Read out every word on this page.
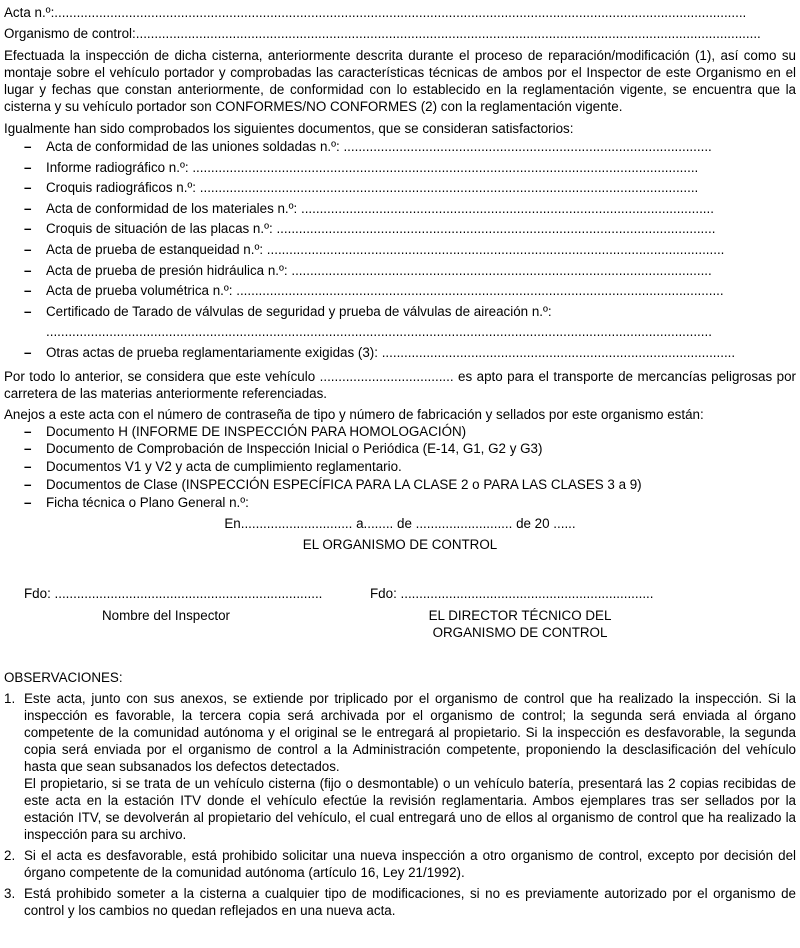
Acta n.º:..........................................................................................................................................................................................
Organismo de control:........................................................................................................................................................................

Efectuada la inspección de dicha cisterna, anteriormente descrita durante el proceso de reparación/modificación (1), así como su montaje sobre el vehículo portador y comprobadas las características técnicas de ambos por el Inspector de este Organismo en el lugar y fechas que constan anteriormente, de conformidad con lo establecido en la reglamentación vigente, se encuentra que la cisterna y su vehículo portador son CONFORMES/NO CONFORMES (2) con la reglamentación vigente.

Igualmente han sido comprobados los siguientes documentos, que se consideran satisfactorios:
– Acta de conformidad de las uniones soldadas n.º: ...................................................................................................
– Informe radiográfico n.º: ........................................................................................................................................
– Croquis radiográficos n.º: ......................................................................................................................................
– Acta de conformidad de los materiales n.º: ...............................................................................................................
– Croquis de situación de las placas n.º: ......................................................................................................................
– Acta de prueba de estanqueidad n.º: ...........................................................................................................................
– Acta de prueba de presión hidráulica n.º: .................................................................................................................
– Acta de prueba volumétrica n.º: ...................................................................................................................................
– Certificado de Tarado de válvulas de seguridad y prueba de válvulas de aireación n.º:
...................................................................................................................................................................................
– Otras actas de prueba reglamentariamente exigidas (3): ...............................................................................................

Por todo lo anterior, se considera que este vehículo .................................... es apto para el transporte de mercancías peligrosas por carretera de las materias anteriormente referenciadas.

Anejos a este acta con el número de contraseña de tipo y número de fabricación y sellados por este organismo están:
– Documento H (INFORME DE INSPECCIÓN PARA HOMOLOGACIÓN)
– Documento de Comprobación de Inspección Inicial o Periódica (E-14, G1, G2 y G3)
– Documentos V1 y V2 y acta de cumplimiento reglamentario.
– Documentos de Clase (INSPECCIÓN ESPECÍFICA PARA LA CLASE 2 o PARA LAS CLASES 3 a 9)
– Ficha técnica o Plano General n.º:
En.............................. a........ de .......................... de 20 ......
EL ORGANISMO DE CONTROL
Fdo: ........................................................................
Nombre del Inspector
Fdo: ....................................................................
EL DIRECTOR TÉCNICO DEL
ORGANISMO DE CONTROL
OBSERVACIONES:
1. Este acta, junto con sus anexos, se extiende por triplicado por el organismo de control que ha realizado la inspección. Si la inspección es favorable, la tercera copia será archivada por el organismo de control; la segunda será enviada al órgano competente de la comunidad autónoma y el original se le entregará al propietario. Si la inspección es desfavorable, la segunda copia será enviada por el organismo de control a la Administración competente, proponiendo la desclasificación del vehículo hasta que sean subsanados los defectos detectados.

El propietario, si se trata de un vehículo cisterna (fijo o desmontable) o un vehículo batería, presentará las 2 copias recibidas de este acta en la estación ITV donde el vehículo efectúe la revisión reglamentaria. Ambos ejemplares tras ser sellados por la estación ITV, se devolverán al propietario del vehículo, el cual entregará uno de ellos al organismo de control que ha realizado la inspección para su archivo.

2. Si el acta es desfavorable, está prohibido solicitar una nueva inspección a otro organismo de control, excepto por decisión del órgano competente de la comunidad autónoma (artículo 16, Ley 21/1992).

3. Está prohibido someter a la cisterna a cualquier tipo de modificaciones, si no es previamente autorizado por el organismo de control y los cambios no quedan reflejados en una nueva acta.
